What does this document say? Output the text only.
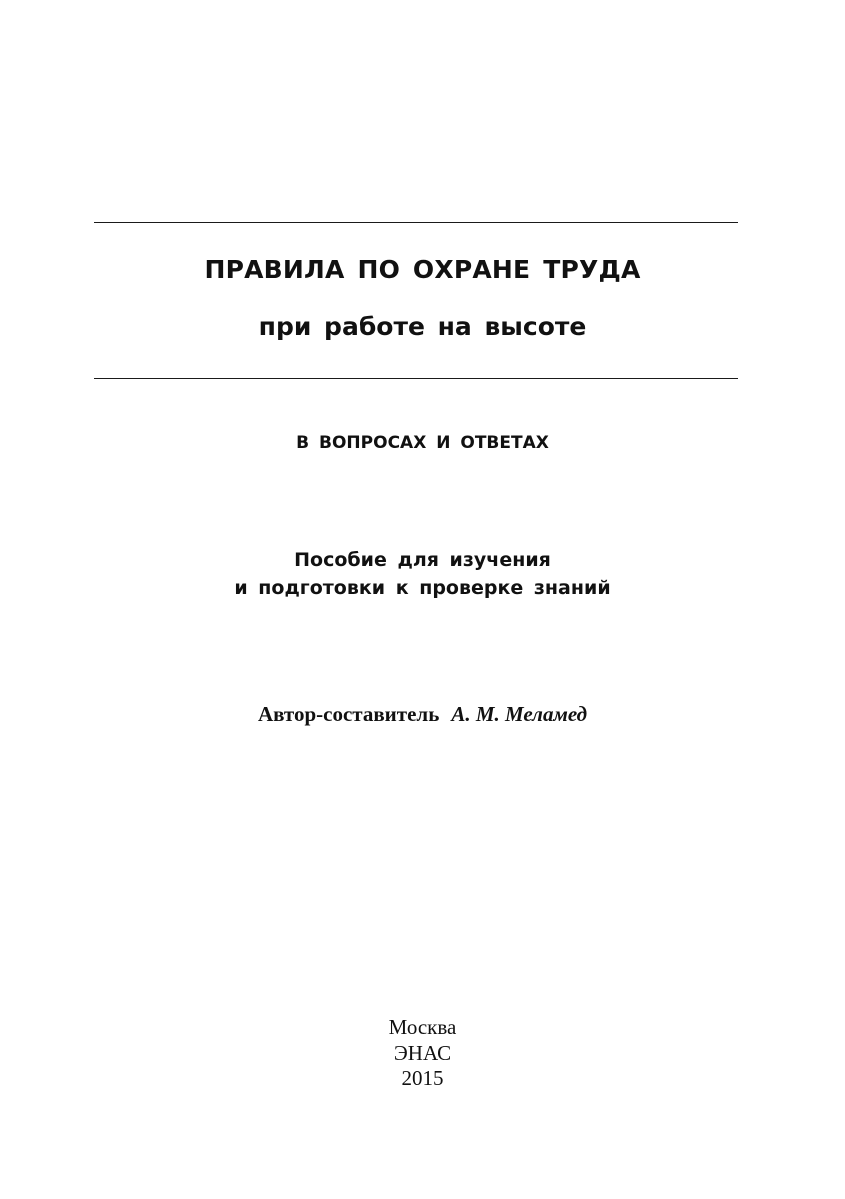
ПРАВИЛА ПО ОХРАНЕ ТРУДА
при работе на высоте
В ВОПРОСАХ И ОТВЕТАХ
Пособие для изучения
и подготовки к проверке знаний
Автор-составитель А. М. Меламед
Москва
ЭНАС
2015
